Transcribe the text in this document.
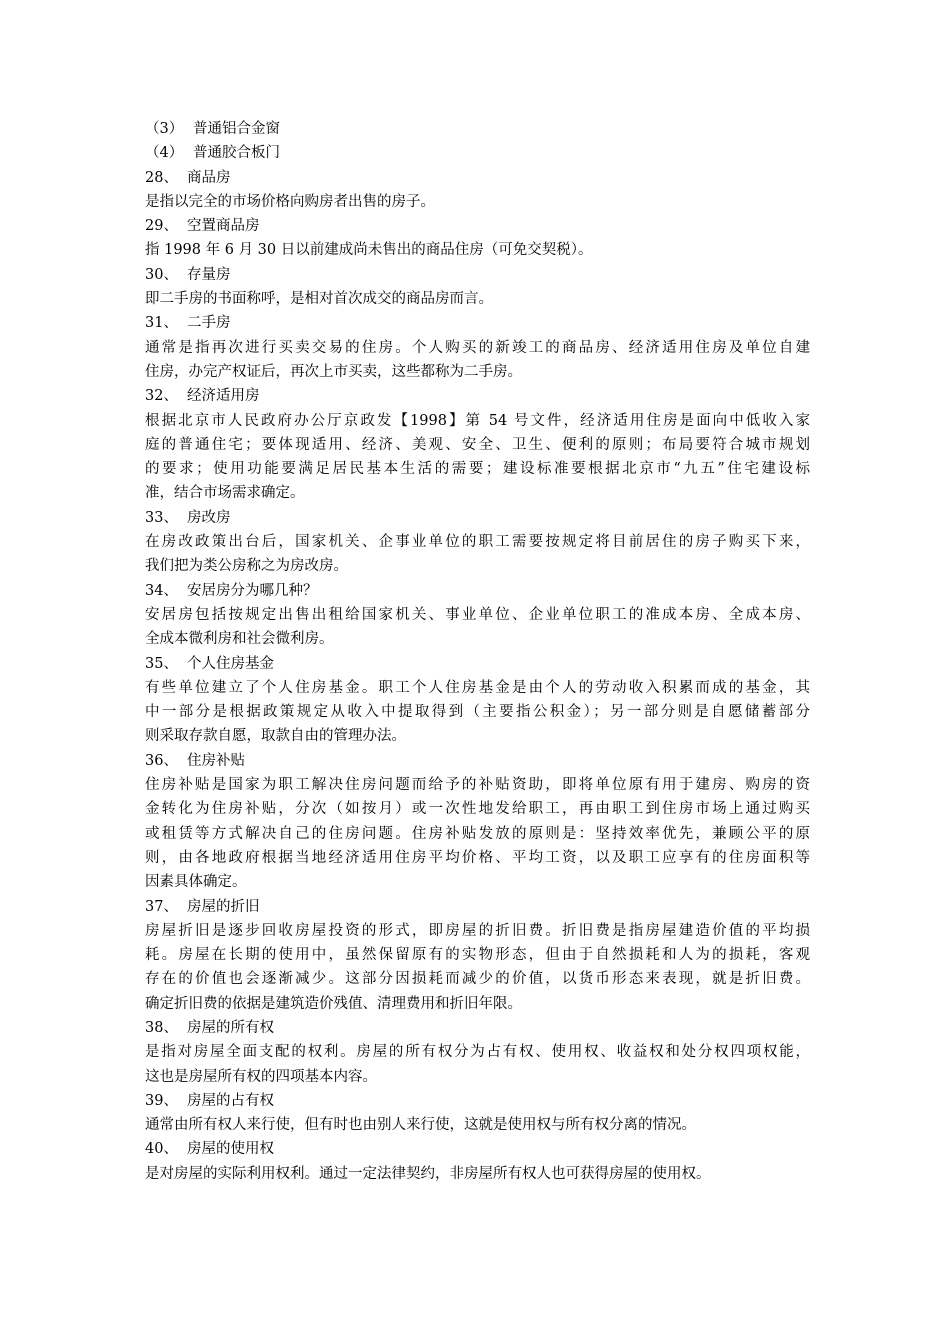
（3） 普通铝合金窗

（4） 普通胶合板门

28、 商品房

是指以完全的市场价格向购房者出售的房子。

29、 空置商品房

指 1998 年 6 月 30 日以前建成尚未售出的商品住房（可免交契税）。

30、 存量房

即二手房的书面称呼，是相对首次成交的商品房而言。

31、 二手房

通常是指再次进行买卖交易的住房。个人购买的新竣工的商品房、经济适用住房及单位自建

住房，办完产权证后，再次上市买卖，这些都称为二手房。

32、 经济适用房

根据北京市人民政府办公厅京政发【1998】第 54 号文件，经济适用住房是面向中低收入家

庭的普通住宅；要体现适用、经济、美观、安全、卫生、便利的原则；布局要符合城市规划

的要求；使用功能要满足居民基本生活的需要；建设标准要根据北京市“九五”住宅建设标

准，结合市场需求确定。

33、 房改房

在房改政策出台后，国家机关、企事业单位的职工需要按规定将目前居住的房子购买下来，

我们把为类公房称之为房改房。

34、 安居房分为哪几种？

安居房包括按规定出售出租给国家机关、事业单位、企业单位职工的准成本房、全成本房、

全成本微利房和社会微利房。

35、 个人住房基金

有些单位建立了个人住房基金。职工个人住房基金是由个人的劳动收入积累而成的基金，其

中一部分是根据政策规定从收入中提取得到（主要指公积金）；另一部分则是自愿储蓄部分

则采取存款自愿，取款自由的管理办法。

36、 住房补贴

住房补贴是国家为职工解决住房问题而给予的补贴资助，即将单位原有用于建房、购房的资

金转化为住房补贴，分次（如按月）或一次性地发给职工，再由职工到住房市场上通过购买

或租赁等方式解决自己的住房问题。住房补贴发放的原则是：坚持效率优先，兼顾公平的原

则，由各地政府根据当地经济适用住房平均价格、平均工资，以及职工应享有的住房面积等

因素具体确定。

37、 房屋的折旧

房屋折旧是逐步回收房屋投资的形式，即房屋的折旧费。折旧费是指房屋建造价值的平均损

耗。房屋在长期的使用中，虽然保留原有的实物形态，但由于自然损耗和人为的损耗，客观

存在的价值也会逐渐减少。这部分因损耗而减少的价值，以货币形态来表现，就是折旧费。

确定折旧费的依据是建筑造价残值、清理费用和折旧年限。

38、 房屋的所有权

是指对房屋全面支配的权利。房屋的所有权分为占有权、使用权、收益权和处分权四项权能，

这也是房屋所有权的四项基本内容。

39、 房屋的占有权

通常由所有权人来行使，但有时也由别人来行使，这就是使用权与所有权分离的情况。

40、 房屋的使用权

是对房屋的实际利用权利。通过一定法律契约，非房屋所有权人也可获得房屋的使用权。
